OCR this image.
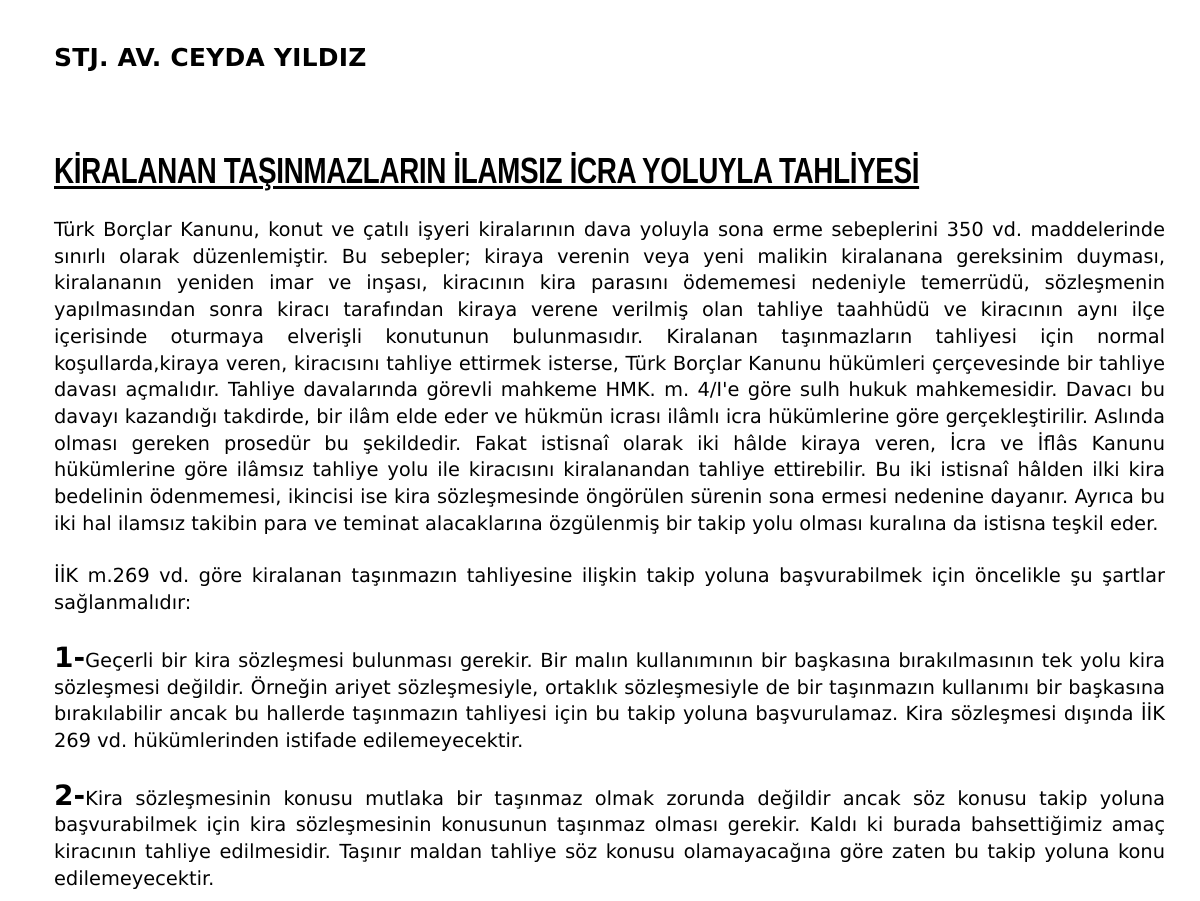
STJ. AV. CEYDA YILDIZ
KİRALANAN TAŞINMAZLARIN İLAMSIZ İCRA YOLUYLA TAHLİYESİ

Türk Borçlar Kanunu, konut ve çatılı işyeri kiralarının dava yoluyla sona erme sebeplerini 350 vd. maddelerinde sınırlı olarak düzenlemiştir. Bu sebepler; kiraya verenin veya yeni malikin kiralanana gereksinim duyması, kiralananın yeniden imar ve inşası, kiracının kira parasını ödememesi nedeniyle temerrüdü, sözleşmenin yapılmasından sonra kiracı tarafından kiraya verene verilmiş olan tahliye taahhüdü ve kiracının aynı ilçe içerisinde oturmaya elverişli konutunun bulunmasıdır. Kiralanan taşınmazların tahliyesi için normal koşullarda,kiraya veren, kiracısını tahliye ettirmek isterse, Türk Borçlar Kanunu hükümleri çerçevesinde bir tahliye davası açmalıdır. Tahliye davalarında görevli mahkeme HMK. m. 4/I'e göre sulh hukuk mahkemesidir. Davacı bu davayı kazandığı takdirde, bir ilâm elde eder ve hükmün icrası ilâmlı icra hükümlerine göre gerçekleştirilir. Aslında olması gereken prosedür bu şekildedir. Fakat istisnaî olarak iki hâlde kiraya veren, İcra ve İflâs Kanunu hükümlerine göre ilâmsız tahliye yolu ile kiracısını kiralanandan tahliye ettirebilir. Bu iki istisnaî hâlden ilki kira bedelinin ödenmemesi, ikincisi ise kira sözleşmesinde öngörülen sürenin sona ermesi nedenine dayanır. Ayrıca bu iki hal ilamsız takibin para ve teminat alacaklarına özgülenmiş bir takip yolu olması kuralına da istisna teşkil eder.

İİK m.269 vd. göre kiralanan taşınmazın tahliyesine ilişkin takip yoluna başvurabilmek için öncelikle şu şartlar sağlanmalıdır:

1-Geçerli bir kira sözleşmesi bulunması gerekir. Bir malın kullanımının bir başkasına bırakılmasının tek yolu kira sözleşmesi değildir. Örneğin ariyet sözleşmesiyle, ortaklık sözleşmesiyle de bir taşınmazın kullanımı bir başkasına bırakılabilir ancak bu hallerde taşınmazın tahliyesi için bu takip yoluna başvurulamaz. Kira sözleşmesi dışında İİK 269 vd. hükümlerinden istifade edilemeyecektir.

2-Kira sözleşmesinin konusu mutlaka bir taşınmaz olmak zorunda değildir ancak söz konusu takip yoluna başvurabilmek için kira sözleşmesinin konusunun taşınmaz olması gerekir. Kaldı ki burada bahsettiğimiz amaç kiracının tahliye edilmesidir. Taşınır maldan tahliye söz konusu olamayacağına göre zaten bu takip yoluna konu edilemeyecektir.
